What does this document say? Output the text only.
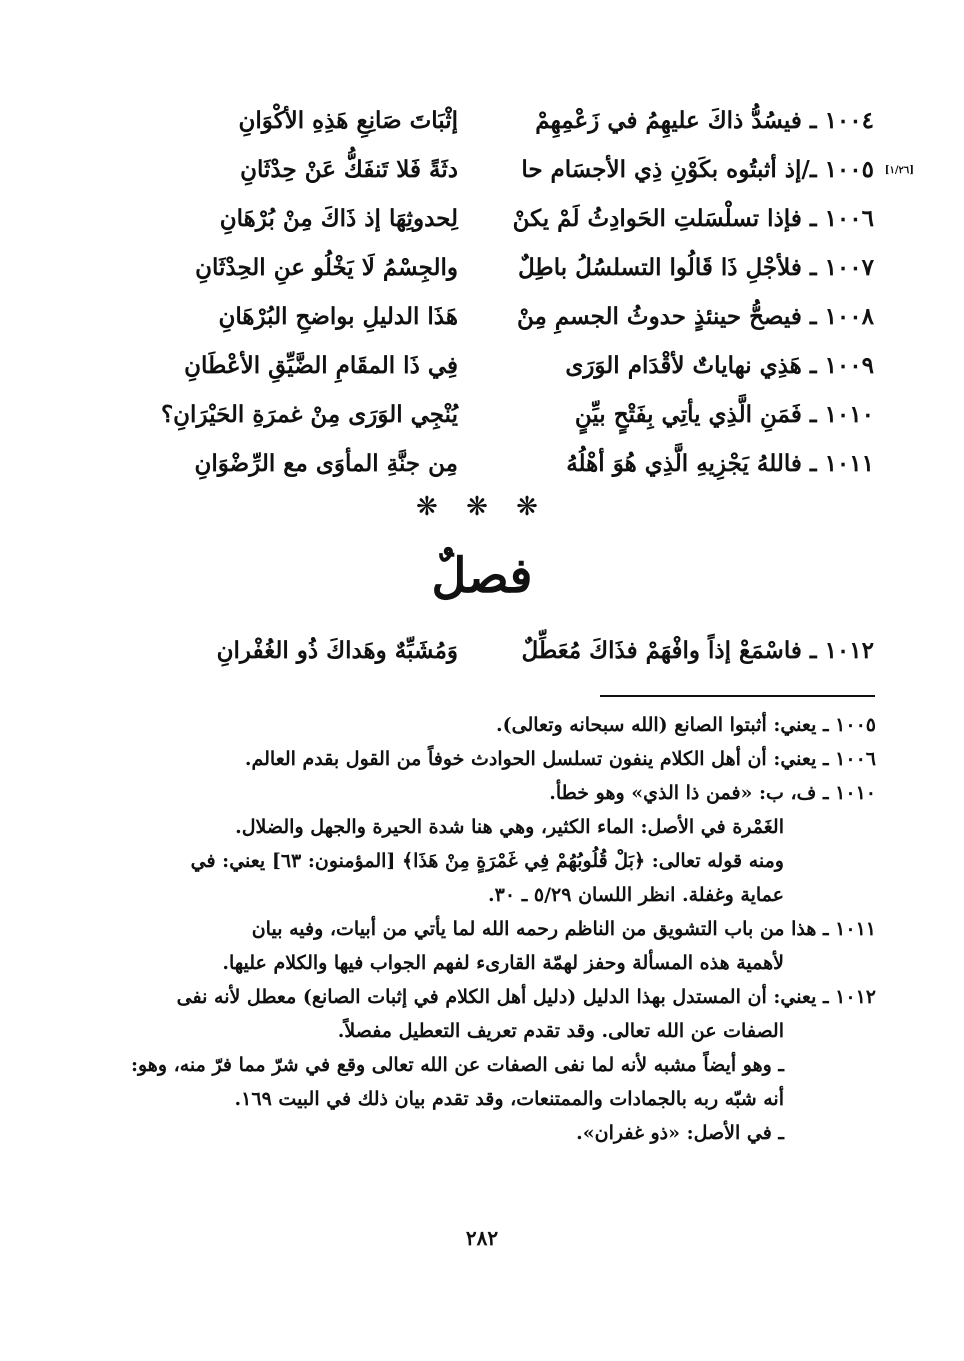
١٠٠٤ ـ فيسُدُّ ذاكَ عليهِمُ في زَعْمِهِمْ
إثْبَاتَ صَانِعِ هَذِهِ الأكْوَانِ
١٠٠٥ ـ/إذ أثبتُوه بكَوْنِ ذِي الأجسَام حا
دثَةً فَلا تَنفَكُّ عَنْ حِدْثَانِ	[١/٢٦]
١٠٠٦ ـ فإذا تسلْسَلتِ الحَوادِثُ لَمْ يكنْ
لِحدوثِهَا إذ ذَاكَ مِنْ بُرْهَانِ
١٠٠٧ ـ فلأجْلِ ذَا قَالُوا التسلسُلُ باطِلٌ
والجِسْمُ لَا يَخْلُو عنِ الحِدْثَانِ
١٠٠٨ ـ فيصحُّ حينئذٍ حدوثُ الجسمِ مِنْ
هَذَا الدليلِ بواضحِ البُرْهَانِ
١٠٠٩ ـ هَذِي نهاياتٌ لأقْدَام الوَرَى
فِي ذَا المقَامِ الضَّيِّقِ الأعْطَانِ
١٠١٠ ـ فَمَنِ الَّذِي يأتِي بِفَتْحٍ بيِّنٍ
يُنْجِي الوَرَى مِنْ غمرَةِ الحَيْرَانِ؟
١٠١١ ـ فاللهُ يَجْزِيهِ الَّذِي هُوَ أهْلُهُ
مِن جنَّةِ المأوَى مع الرِّضْوَانِ
❋ ❋ ❋
فصلٌ
١٠١٢ ـ فاسْمَعْ إذاً وافْهَمْ فذَاكَ مُعَطِّلٌ
وَمُشَبِّهٌ وهَداكَ ذُو الغُفْرانِ
١٠٠٥ ـ يعني: أثبتوا الصانع (الله سبحانه وتعالى).
١٠٠٦ ـ يعني: أن أهل الكلام ينفون تسلسل الحوادث خوفاً من القول بقدم العالم.
١٠١٠ ـ ف، ب: «فمن ذا الذي» وهو خطأ.
الغَمْرة في الأصل: الماء الكثير، وهي هنا شدة الحيرة والجهل والضلال.
ومنه قوله تعالى: ﴿بَلْ قُلُوبُهُمْ فِي غَمْرَةٍ مِنْ هَذَا﴾ [المؤمنون: ٦٣] يعني: في
عماية وغفلة. انظر اللسان ٥/٢٩ ـ ٣٠.
١٠١١ ـ هذا من باب التشويق من الناظم رحمه الله لما يأتي من أبيات، وفيه بيان
لأهمية هذه المسألة وحفز لهمّة القارىء لفهم الجواب فيها والكلام عليها.
١٠١٢ ـ يعني: أن المستدل بهذا الدليل (دليل أهل الكلام في إثبات الصانع) معطل لأنه نفى
الصفات عن الله تعالى. وقد تقدم تعريف التعطيل مفصلاً.
ـ وهو أيضاً مشبه لأنه لما نفى الصفات عن الله تعالى وقع في شرّ مما فرّ منه، وهو:
أنه شبّه ربه بالجمادات والممتنعات، وقد تقدم بيان ذلك في البيت ١٦٩.
ـ في الأصل: «ذو غفران».
٢٨٢
